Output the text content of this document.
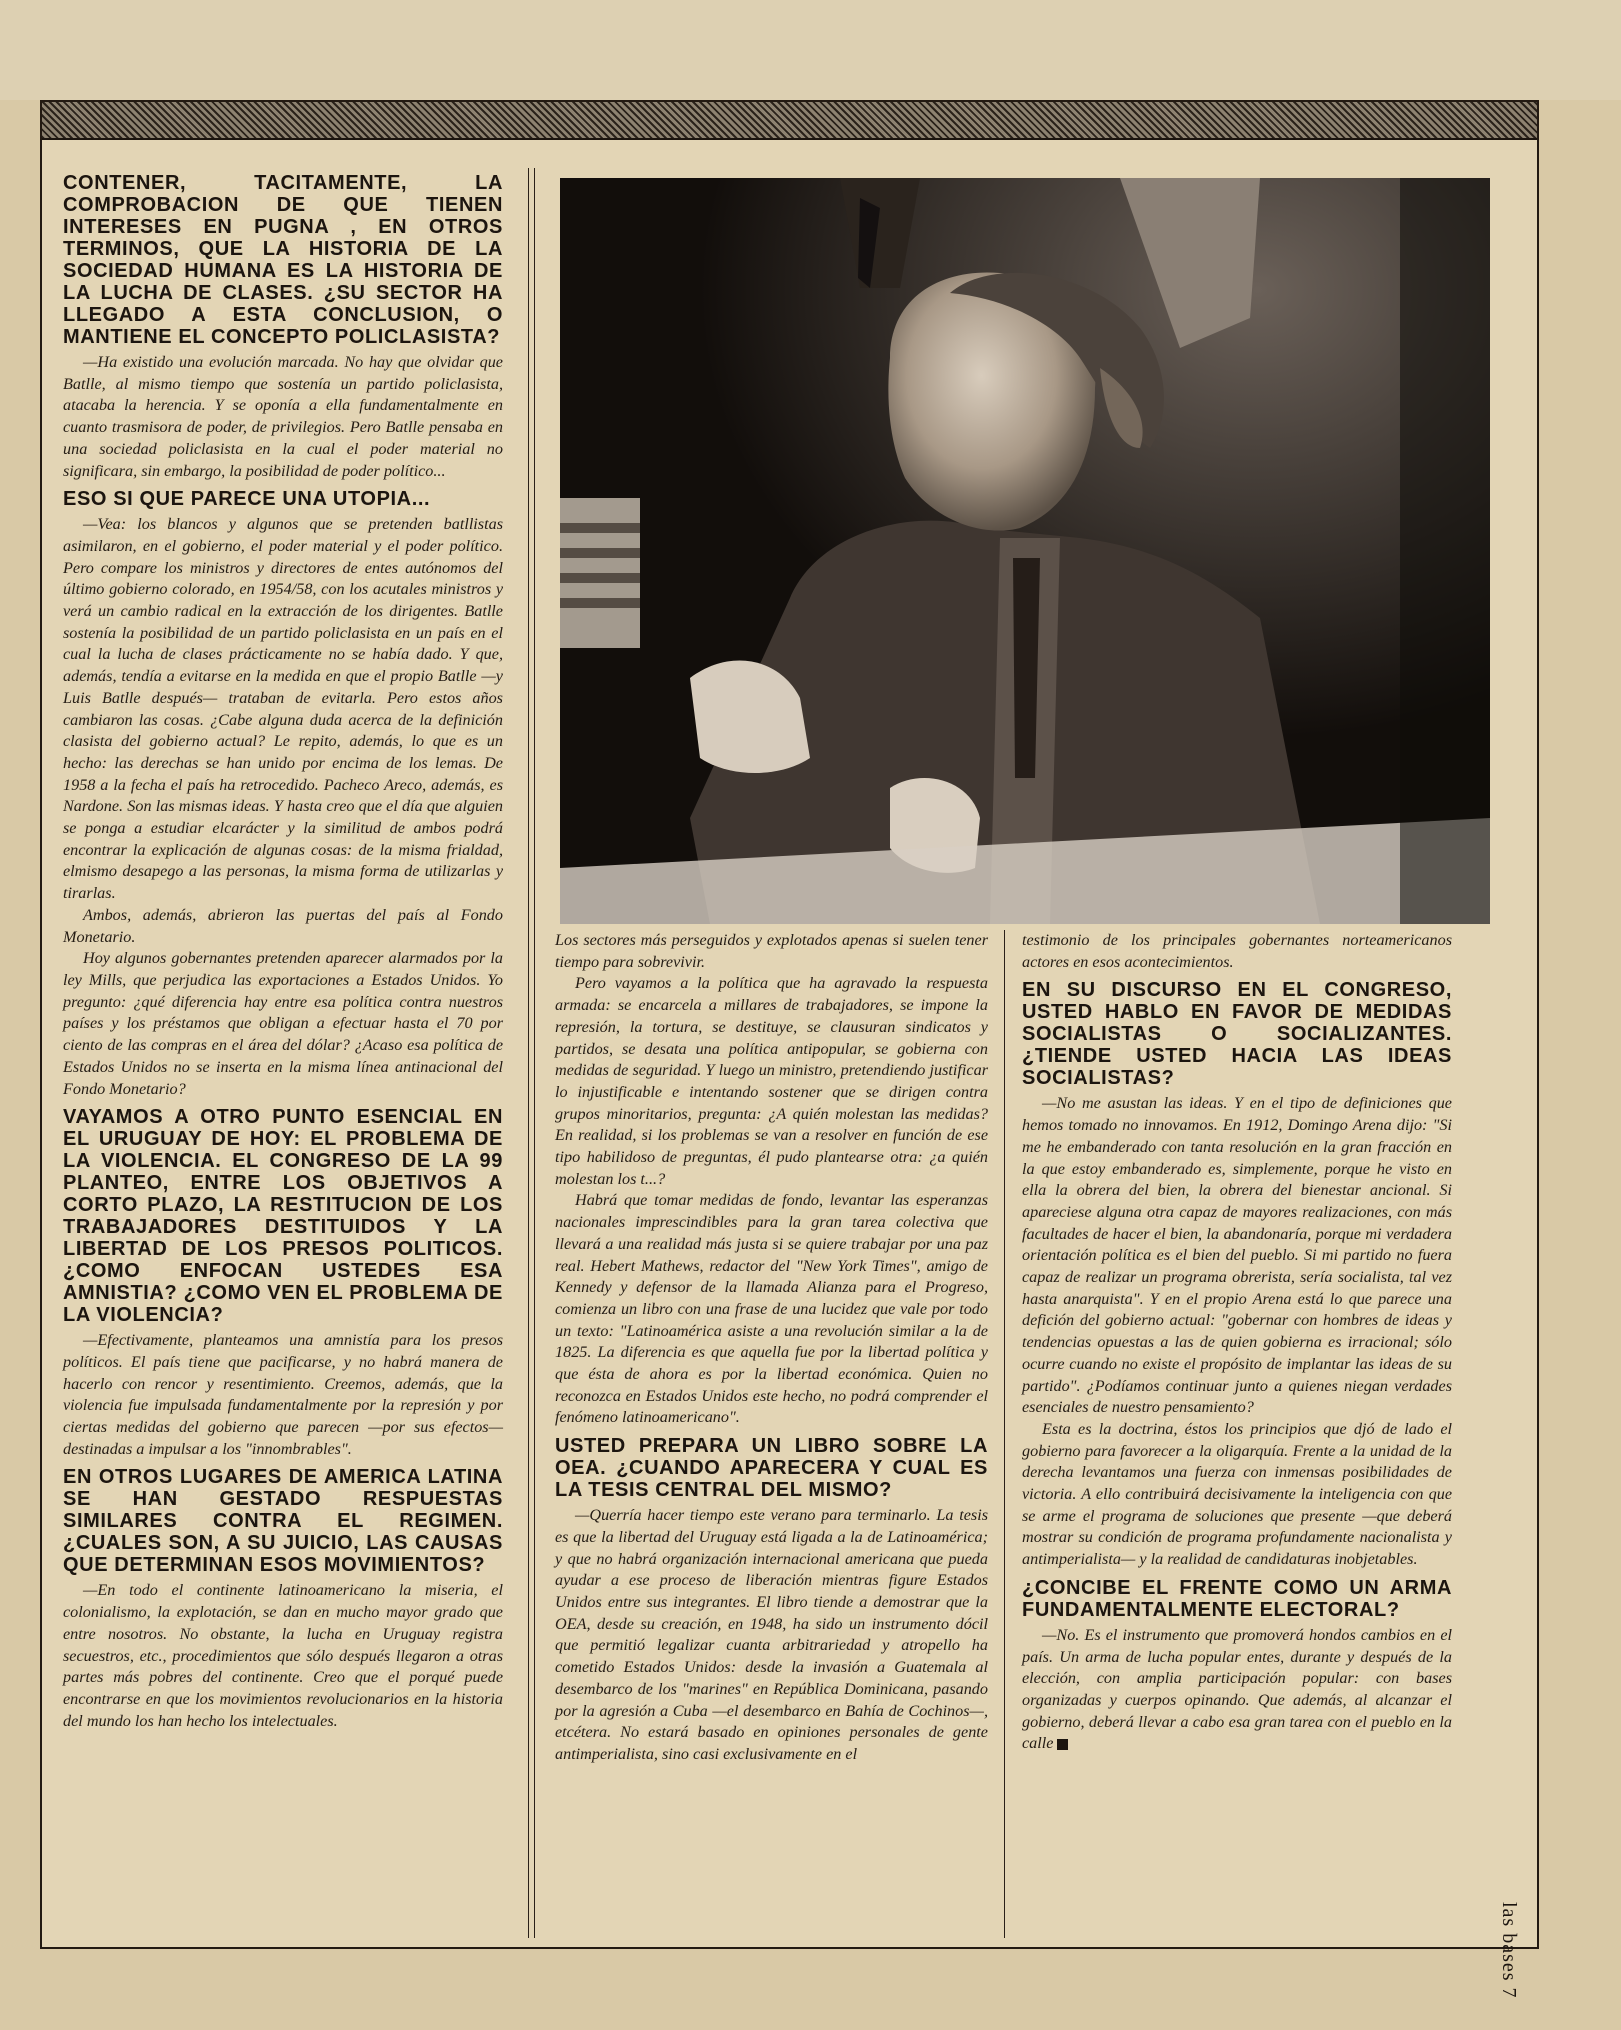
CONTENER, TACITAMENTE, LA COMPROBACION DE QUE TIENEN INTERESES EN PUGNA , EN OTROS TERMINOS, QUE LA HISTORIA DE LA SOCIEDAD HUMANA ES LA HISTORIA DE LA LUCHA DE CLASES. ¿SU SECTOR HA LLEGADO A ESTA CONCLUSION, O MANTIENE EL CONCEPTO POLICLASISTA?

—Ha existido una evolución marcada. No hay que olvidar que Batlle, al mismo tiempo que sostenía un partido policlasista, atacaba la herencia. Y se oponía a ella fundamentalmente en cuanto trasmisora de poder, de privilegios. Pero Batlle pensaba en una sociedad policlasista en la cual el poder material no significara, sin embargo, la posibilidad de poder político...

ESO SI QUE PARECE UNA UTOPIA...

—Vea: los blancos y algunos que se pretenden batllistas asimilaron, en el gobierno, el poder material y el poder político. Pero compare los ministros y directores de entes autónomos del último gobierno colorado, en 1954/58, con los acutales ministros y verá un cambio radical en la extracción de los dirigentes. Batlle sostenía la posibilidad de un partido policlasista en un país en el cual la lucha de clases prácticamente no se había dado. Y que, además, tendía a evitarse en la medida en que el propio Batlle —y Luis Batlle después— trataban de evitarla. Pero estos años cambiaron las cosas. ¿Cabe alguna duda acerca de la definición clasista del gobierno actual? Le repito, además, lo que es un hecho: las derechas se han unido por encima de los lemas. De 1958 a la fecha el país ha retrocedido. Pacheco Areco, además, es Nardone. Son las mismas ideas. Y hasta creo que el día que alguien se ponga a estudiar elcarácter y la similitud de ambos podrá encontrar la explicación de algunas cosas: de la misma frialdad, elmismo desapego a las personas, la misma forma de utilizarlas y tirarlas.

Ambos, además, abrieron las puertas del país al Fondo Monetario.

Hoy algunos gobernantes pretenden aparecer alarmados por la ley Mills, que perjudica las exportaciones a Estados Unidos. Yo pregunto: ¿qué diferencia hay entre esa política contra nuestros países y los préstamos que obligan a efectuar hasta el 70 por ciento de las compras en el área del dólar? ¿Acaso esa política de Estados Unidos no se inserta en la misma línea antinacional del Fondo Monetario?

VAYAMOS A OTRO PUNTO ESENCIAL EN EL URUGUAY DE HOY: EL PROBLEMA DE LA VIOLENCIA. EL CONGRESO DE LA 99 PLANTEO, ENTRE LOS OBJETIVOS A CORTO PLAZO, LA RESTITUCION DE LOS TRABAJADORES DESTITUIDOS Y LA LIBERTAD DE LOS PRESOS POLITICOS. ¿COMO ENFOCAN USTEDES ESA AMNISTIA? ¿COMO VEN EL PROBLEMA DE LA VIOLENCIA?

—Efectivamente, planteamos una amnistía para los presos políticos. El país tiene que pacificarse, y no habrá manera de hacerlo con rencor y resentimiento. Creemos, además, que la violencia fue impulsada fundamentalmente por la represión y por ciertas medidas del gobierno que parecen —por sus efectos— destinadas a impulsar a los "innombrables".

EN OTROS LUGARES DE AMERICA LATINA SE HAN GESTADO RESPUESTAS SIMILARES CONTRA EL REGIMEN. ¿CUALES SON, A SU JUICIO, LAS CAUSAS QUE DETERMINAN ESOS MOVIMIENTOS?

—En todo el continente latinoamericano la miseria, el colonialismo, la explotación, se dan en mucho mayor grado que entre nosotros. No obstante, la lucha en Uruguay registra secuestros, etc., procedimientos que sólo después llegaron a otras partes más pobres del continente. Creo que el porqué puede encontrarse en que los movimientos revolucionarios en la historia del mundo los han hecho los intelectuales.

Los sectores más perseguidos y explotados apenas si suelen tener tiempo para sobrevivir.

Pero vayamos a la política que ha agravado la respuesta armada: se encarcela a millares de trabajadores, se impone la represión, la tortura, se destituye, se clausuran sindicatos y partidos, se desata una política antipopular, se gobierna con medidas de seguridad. Y luego un ministro, pretendiendo justificar lo injustificable e intentando sostener que se dirigen contra grupos minoritarios, pregunta: ¿A quién molestan las medidas? En realidad, si los problemas se van a resolver en función de ese tipo habilidoso de preguntas, él pudo plantearse otra: ¿a quién molestan los t...?

Habrá que tomar medidas de fondo, levantar las esperanzas nacionales imprescindibles para la gran tarea colectiva que llevará a una realidad más justa si se quiere trabajar por una paz real. Hebert Mathews, redactor del "New York Times", amigo de Kennedy y defensor de la llamada Alianza para el Progreso, comienza un libro con una frase de una lucidez que vale por todo un texto: "Latinoamérica asiste a una revolución similar a la de 1825. La diferencia es que aquella fue por la libertad política y que ésta de ahora es por la libertad económica. Quien no reconozca en Estados Unidos este hecho, no podrá comprender el fenómeno latinoamericano".

USTED PREPARA UN LIBRO SOBRE LA OEA. ¿CUANDO APARECERA Y CUAL ES LA TESIS CENTRAL DEL MISMO?

—Querría hacer tiempo este verano para terminarlo. La tesis es que la libertad del Uruguay está ligada a la de Latinoamérica; y que no habrá organización internacional americana que pueda ayudar a ese proceso de liberación mientras figure Estados Unidos entre sus integrantes. El libro tiende a demostrar que la OEA, desde su creación, en 1948, ha sido un instrumento dócil que permitió legalizar cuanta arbitrariedad y atropello ha cometido Estados Unidos: desde la invasión a Guatemala al desembarco de los "marines" en República Dominicana, pasando por la agresión a Cuba —el desembarco en Bahía de Cochinos—, etcétera. No estará basado en opiniones personales de gente antimperialista, sino casi exclusivamente en el

testimonio de los principales gobernantes norteamericanos actores en esos acontecimientos.

EN SU DISCURSO EN EL CONGRESO, USTED HABLO EN FAVOR DE MEDIDAS SOCIALISTAS O SOCIALIZANTES. ¿TIENDE USTED HACIA LAS IDEAS SOCIALISTAS?

—No me asustan las ideas. Y en el tipo de definiciones que hemos tomado no innovamos. En 1912, Domingo Arena dijo: "Si me he embanderado con tanta resolución en la gran fracción en la que estoy embanderado es, simplemente, porque he visto en ella la obrera del bien, la obrera del bienestar ancional. Si apareciese alguna otra capaz de mayores realizaciones, con más facultades de hacer el bien, la abandonaría, porque mi verdadera orientación política es el bien del pueblo. Si mi partido no fuera capaz de realizar un programa obrerista, sería socialista, tal vez hasta anarquista". Y en el propio Arena está lo que parece una defición del gobierno actual: "gobernar con hombres de ideas y tendencias opuestas a las de quien gobierna es irracional; sólo ocurre cuando no existe el propósito de implantar las ideas de su partido". ¿Podíamos continuar junto a quienes niegan verdades esenciales de nuestro pensamiento?

Esta es la doctrina, éstos los principios que djó de lado el gobierno para favorecer a la oligarquía. Frente a la unidad de la derecha levantamos una fuerza con inmensas posibilidades de victoria. A ello contribuirá decisivamente la inteligencia con que se arme el programa de soluciones que presente —que deberá mostrar su condición de programa profundamente nacionalista y antimperialista— y la realidad de candidaturas inobjetables.

¿CONCIBE EL FRENTE COMO UN ARMA FUNDAMENTALMENTE ELECTORAL?

—No. Es el instrumento que promoverá hondos cambios en el país. Un arma de lucha popular entes, durante y después de la elección, con amplia participación popular: con bases organizadas y cuerpos opinando. Que además, al alcanzar el gobierno, deberá llevar a cabo esa gran tarea con el pueblo en la calle

las bases 7
